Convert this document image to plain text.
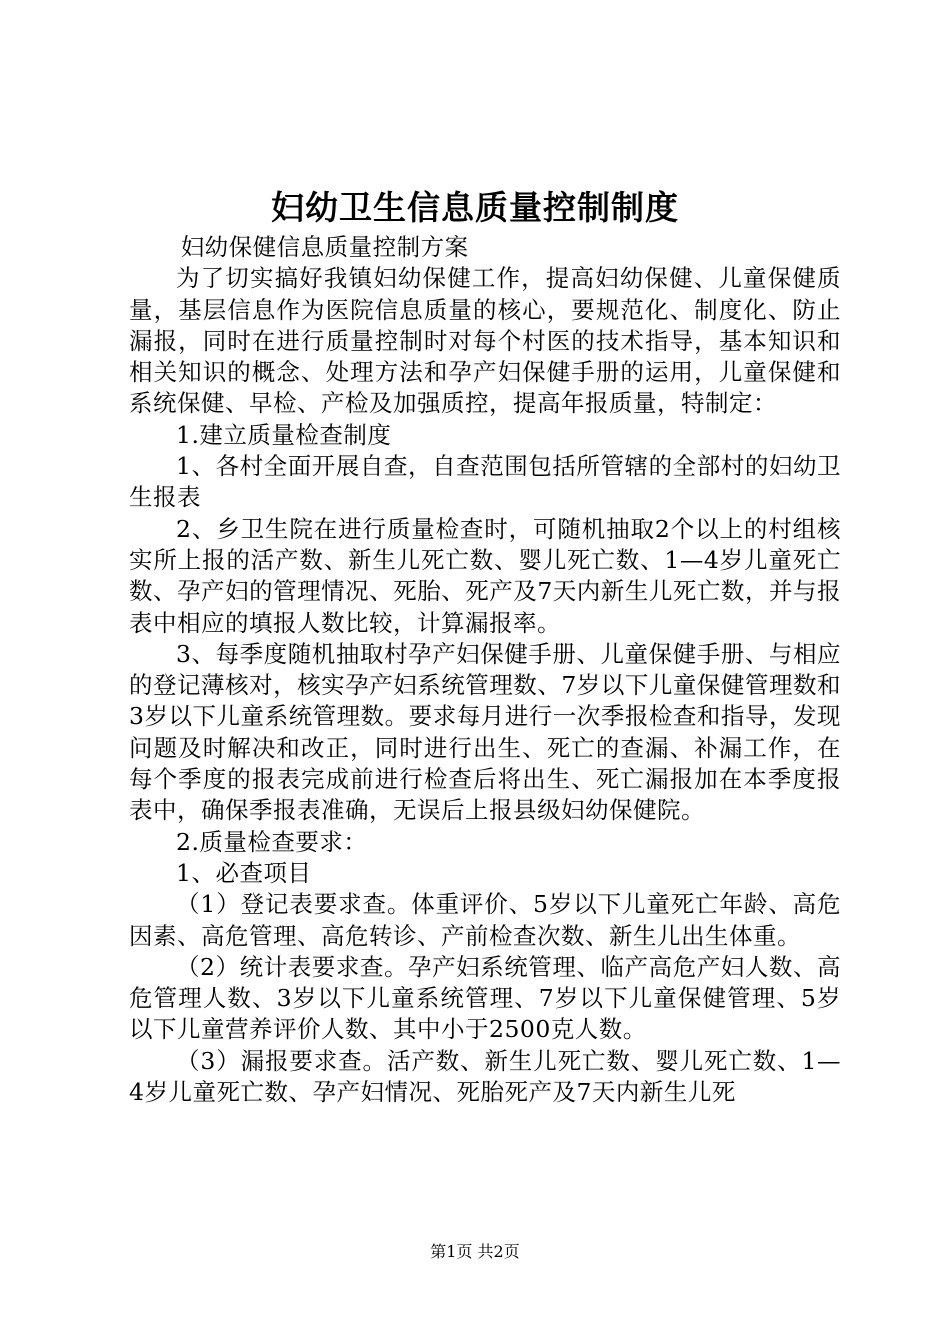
妇幼卫生信息质量控制制度

妇幼保健信息质量控制方案

为了切实搞好我镇妇幼保健工作，提高妇幼保健、儿童保健质量，基层信息作为医院信息质量的核心，要规范化、制度化、防止漏报，同时在进行质量控制时对每个村医的技术指导，基本知识和相关知识的概念、处理方法和孕产妇保健手册的运用，儿童保健和系统保健、早检、产检及加强质控，提高年报质量，特制定：

1.建立质量检查制度

1、各村全面开展自查，自查范围包括所管辖的全部村的妇幼卫生报表

2、乡卫生院在进行质量检查时，可随机抽取2个以上的村组核实所上报的活产数、新生儿死亡数、婴儿死亡数、1—4岁儿童死亡数、孕产妇的管理情况、死胎、死产及7天内新生儿死亡数，并与报表中相应的填报人数比较，计算漏报率。

3、每季度随机抽取村孕产妇保健手册、儿童保健手册、与相应的登记薄核对，核实孕产妇系统管理数、7岁以下儿童保健管理数和3岁以下儿童系统管理数。要求每月进行一次季报检查和指导，发现问题及时解决和改正，同时进行出生、死亡的查漏、补漏工作，在每个季度的报表完成前进行检查后将出生、死亡漏报加在本季度报表中，确保季报表准确，无误后上报县级妇幼保健院。

2.质量检查要求：

1、必查项目

（1）登记表要求查。体重评价、5岁以下儿童死亡年龄、高危因素、高危管理、高危转诊、产前检查次数、新生儿出生体重。

（2）统计表要求查。孕产妇系统管理、临产高危产妇人数、高危管理人数、3岁以下儿童系统管理、7岁以下儿童保健管理、5岁以下儿童营养评价人数、其中小于2500克人数。

（3）漏报要求查。活产数、新生儿死亡数、婴儿死亡数、1—4岁儿童死亡数、孕产妇情况、死胎死产及7天内新生儿死

第1页 共2页
